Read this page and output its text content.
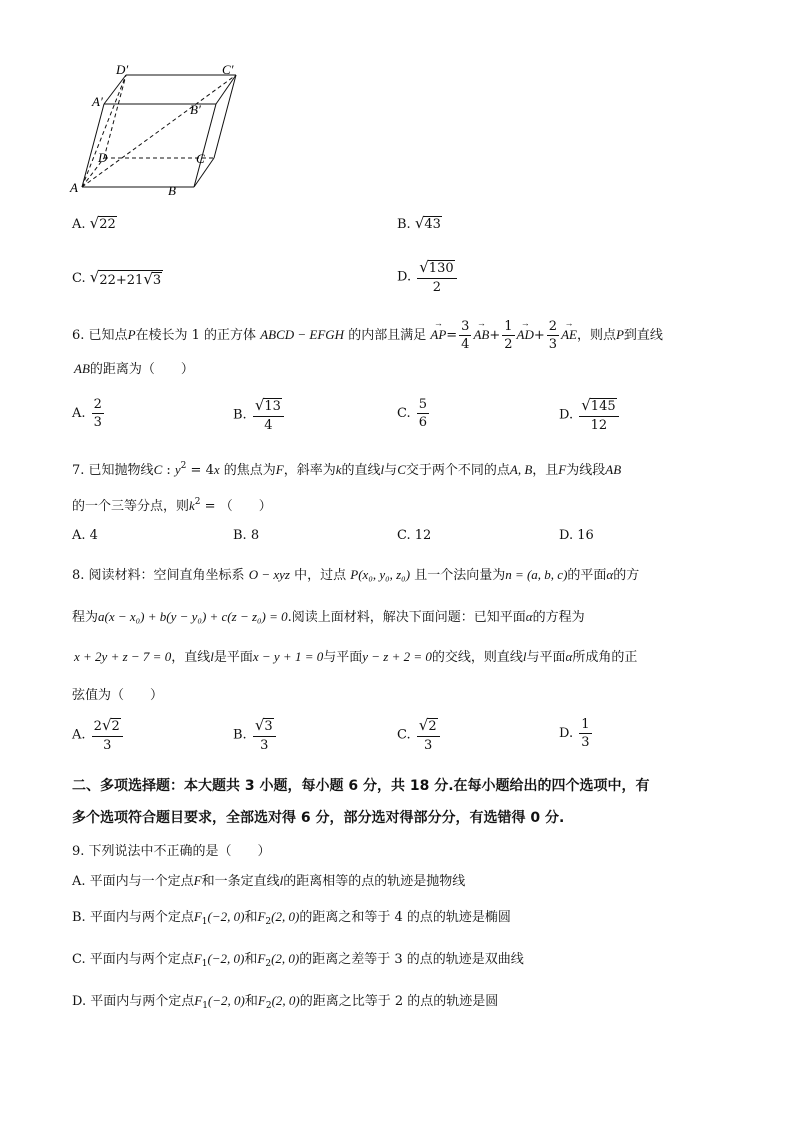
D′	C′
A′
B′
D	C
A	B
A. √ 22	B. √ 43
C. √ 22+21 √ 3	D. $\frac{√ 130}{2}$
6. 已知点P在棱长为 1 的正方体 ABCD − EFGH 的内部且满足 → $AP= \frac{3}{4}$
→ $AB+ \frac{1}{2}$
→ $AD+ \frac{2}{3}$
→ AE，则点P到直线
AB的距离为（　　）
A. $\frac{2}{3}$	B. $\frac{√ 13}{4}$	C. $\frac{5}{6}$	D. $\frac{√ 145}{12}$
7. 已知抛物线C : $y^2 = 4x$ 的焦点为F，斜率为k的直线l与C交于两个不同的点A, B，且F为线段AB
的一个三等分点，则$k^2$ = （　　）
A. 4	B. 8	C. 12	D. 16
8. 阅读材料：空间直角坐标系 O − xyz 中，过点 P(x₀, y₀, z₀) 且一个法向量为n = (a, b, c)的平面α的方
程为a(x − x₀) + b(y − y₀) + c(z − z₀) = 0.阅读上面材料，解决下面问题：已知平面α的方程为
x + 2y + z − 7 = 0，直线l是平面x − y + 1 = 0与平面y − z + 2 = 0的交线，则直线l与平面α所成角的正
弦值为（　　）
A. $\frac{2 √ 2}{3}$	B. $\frac{√ 3}{3}$	C. $\frac{√ 2}{3}$	D. $\frac{1}{3}$
二、多项选择题：本大题共 3 小题，每小题 6 分，共 18 分.在每小题给出的四个选项中，有
多个选项符合题目要求，全部选对得 6 分，部分选对得部分分，有选错得 0 分.
9. 下列说法中不正确的是（　　）
A. 平面内与一个定点F和一条定直线l的距离相等的点的轨迹是抛物线
B. 平面内与两个定点$F_1(-2$, 0)和$F_2(2$, 0)的距离之和等于 4 的点的轨迹是椭圆
C. 平面内与两个定点$F_1(-2$, 0)和$F_2(2$, 0)的距离之差等于 3 的点的轨迹是双曲线
D. 平面内与两个定点$F_1(-2$, 0)和$F_2(2$, 0)的距离之比等于 2 的点的轨迹是圆
